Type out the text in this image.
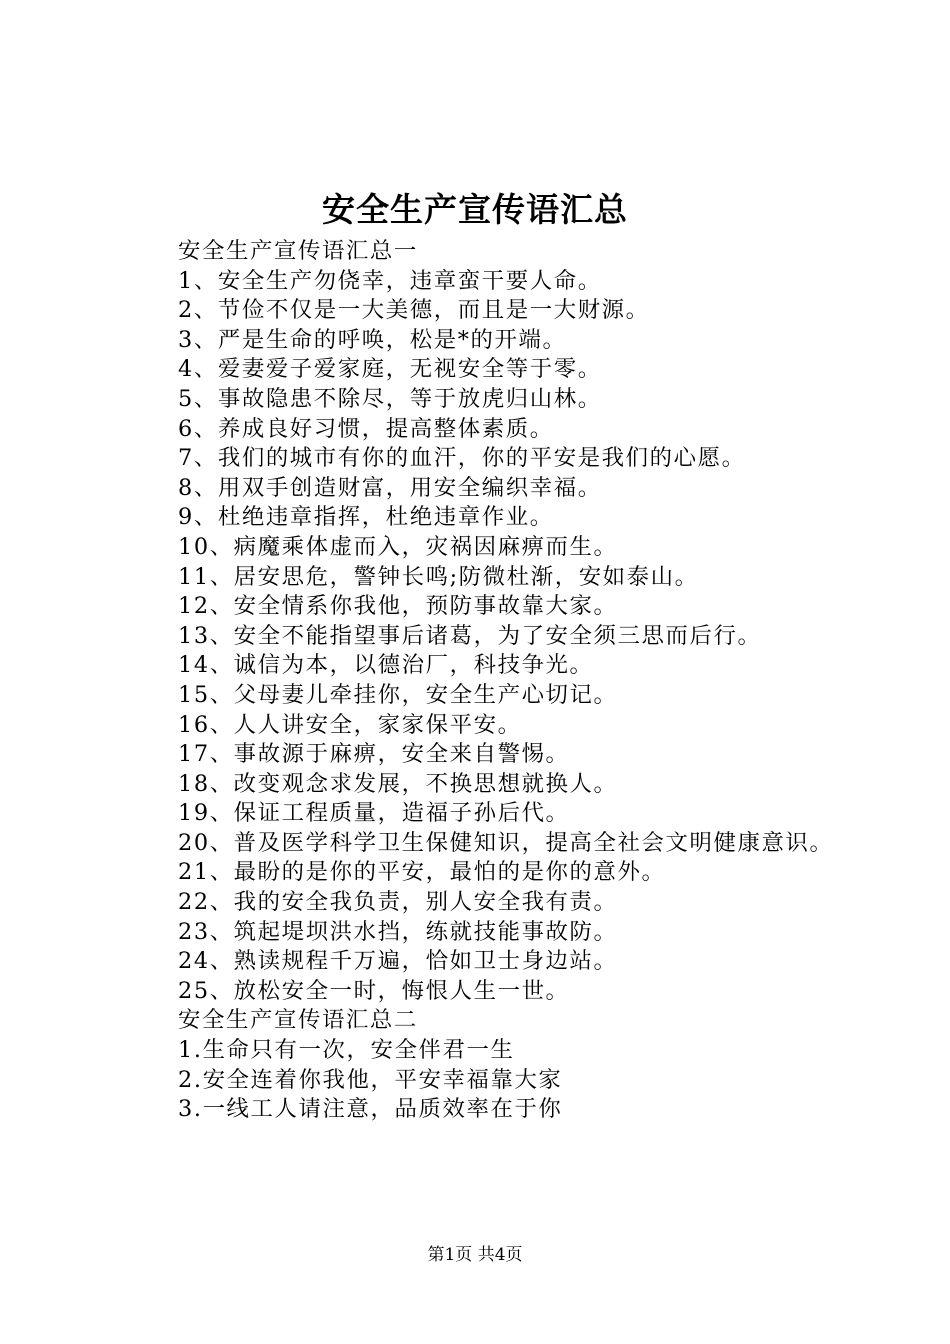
安全生产宣传语汇总

安全生产宣传语汇总一

1、安全生产勿侥幸，违章蛮干要人命。

2、节俭不仅是一大美德，而且是一大财源。

3、严是生命的呼唤，松是*的开端。

4、爱妻爱子爱家庭，无视安全等于零。

5、事故隐患不除尽，等于放虎归山林。

6、养成良好习惯，提高整体素质。

7、我们的城市有你的血汗，你的平安是我们的心愿。

8、用双手创造财富，用安全编织幸福。

9、杜绝违章指挥，杜绝违章作业。

10、病魔乘体虚而入，灾祸因麻痹而生。

11、居安思危，警钟长鸣;防微杜渐，安如泰山。

12、安全情系你我他，预防事故靠大家。

13、安全不能指望事后诸葛，为了安全须三思而后行。

14、诚信为本，以德治厂，科技争光。

15、父母妻儿牵挂你，安全生产心切记。

16、人人讲安全，家家保平安。

17、事故源于麻痹，安全来自警惕。

18、改变观念求发展，不换思想就换人。

19、保证工程质量，造福子孙后代。

20、普及医学科学卫生保健知识，提高全社会文明健康意识。

21、最盼的是你的平安，最怕的是你的意外。

22、我的安全我负责，别人安全我有责。

23、筑起堤坝洪水挡，练就技能事故防。

24、熟读规程千万遍，恰如卫士身边站。

25、放松安全一时，悔恨人生一世。

安全生产宣传语汇总二

1.生命只有一次，安全伴君一生

2.安全连着你我他，平安幸福靠大家

3.一线工人请注意，品质效率在于你

第1页 共4页
